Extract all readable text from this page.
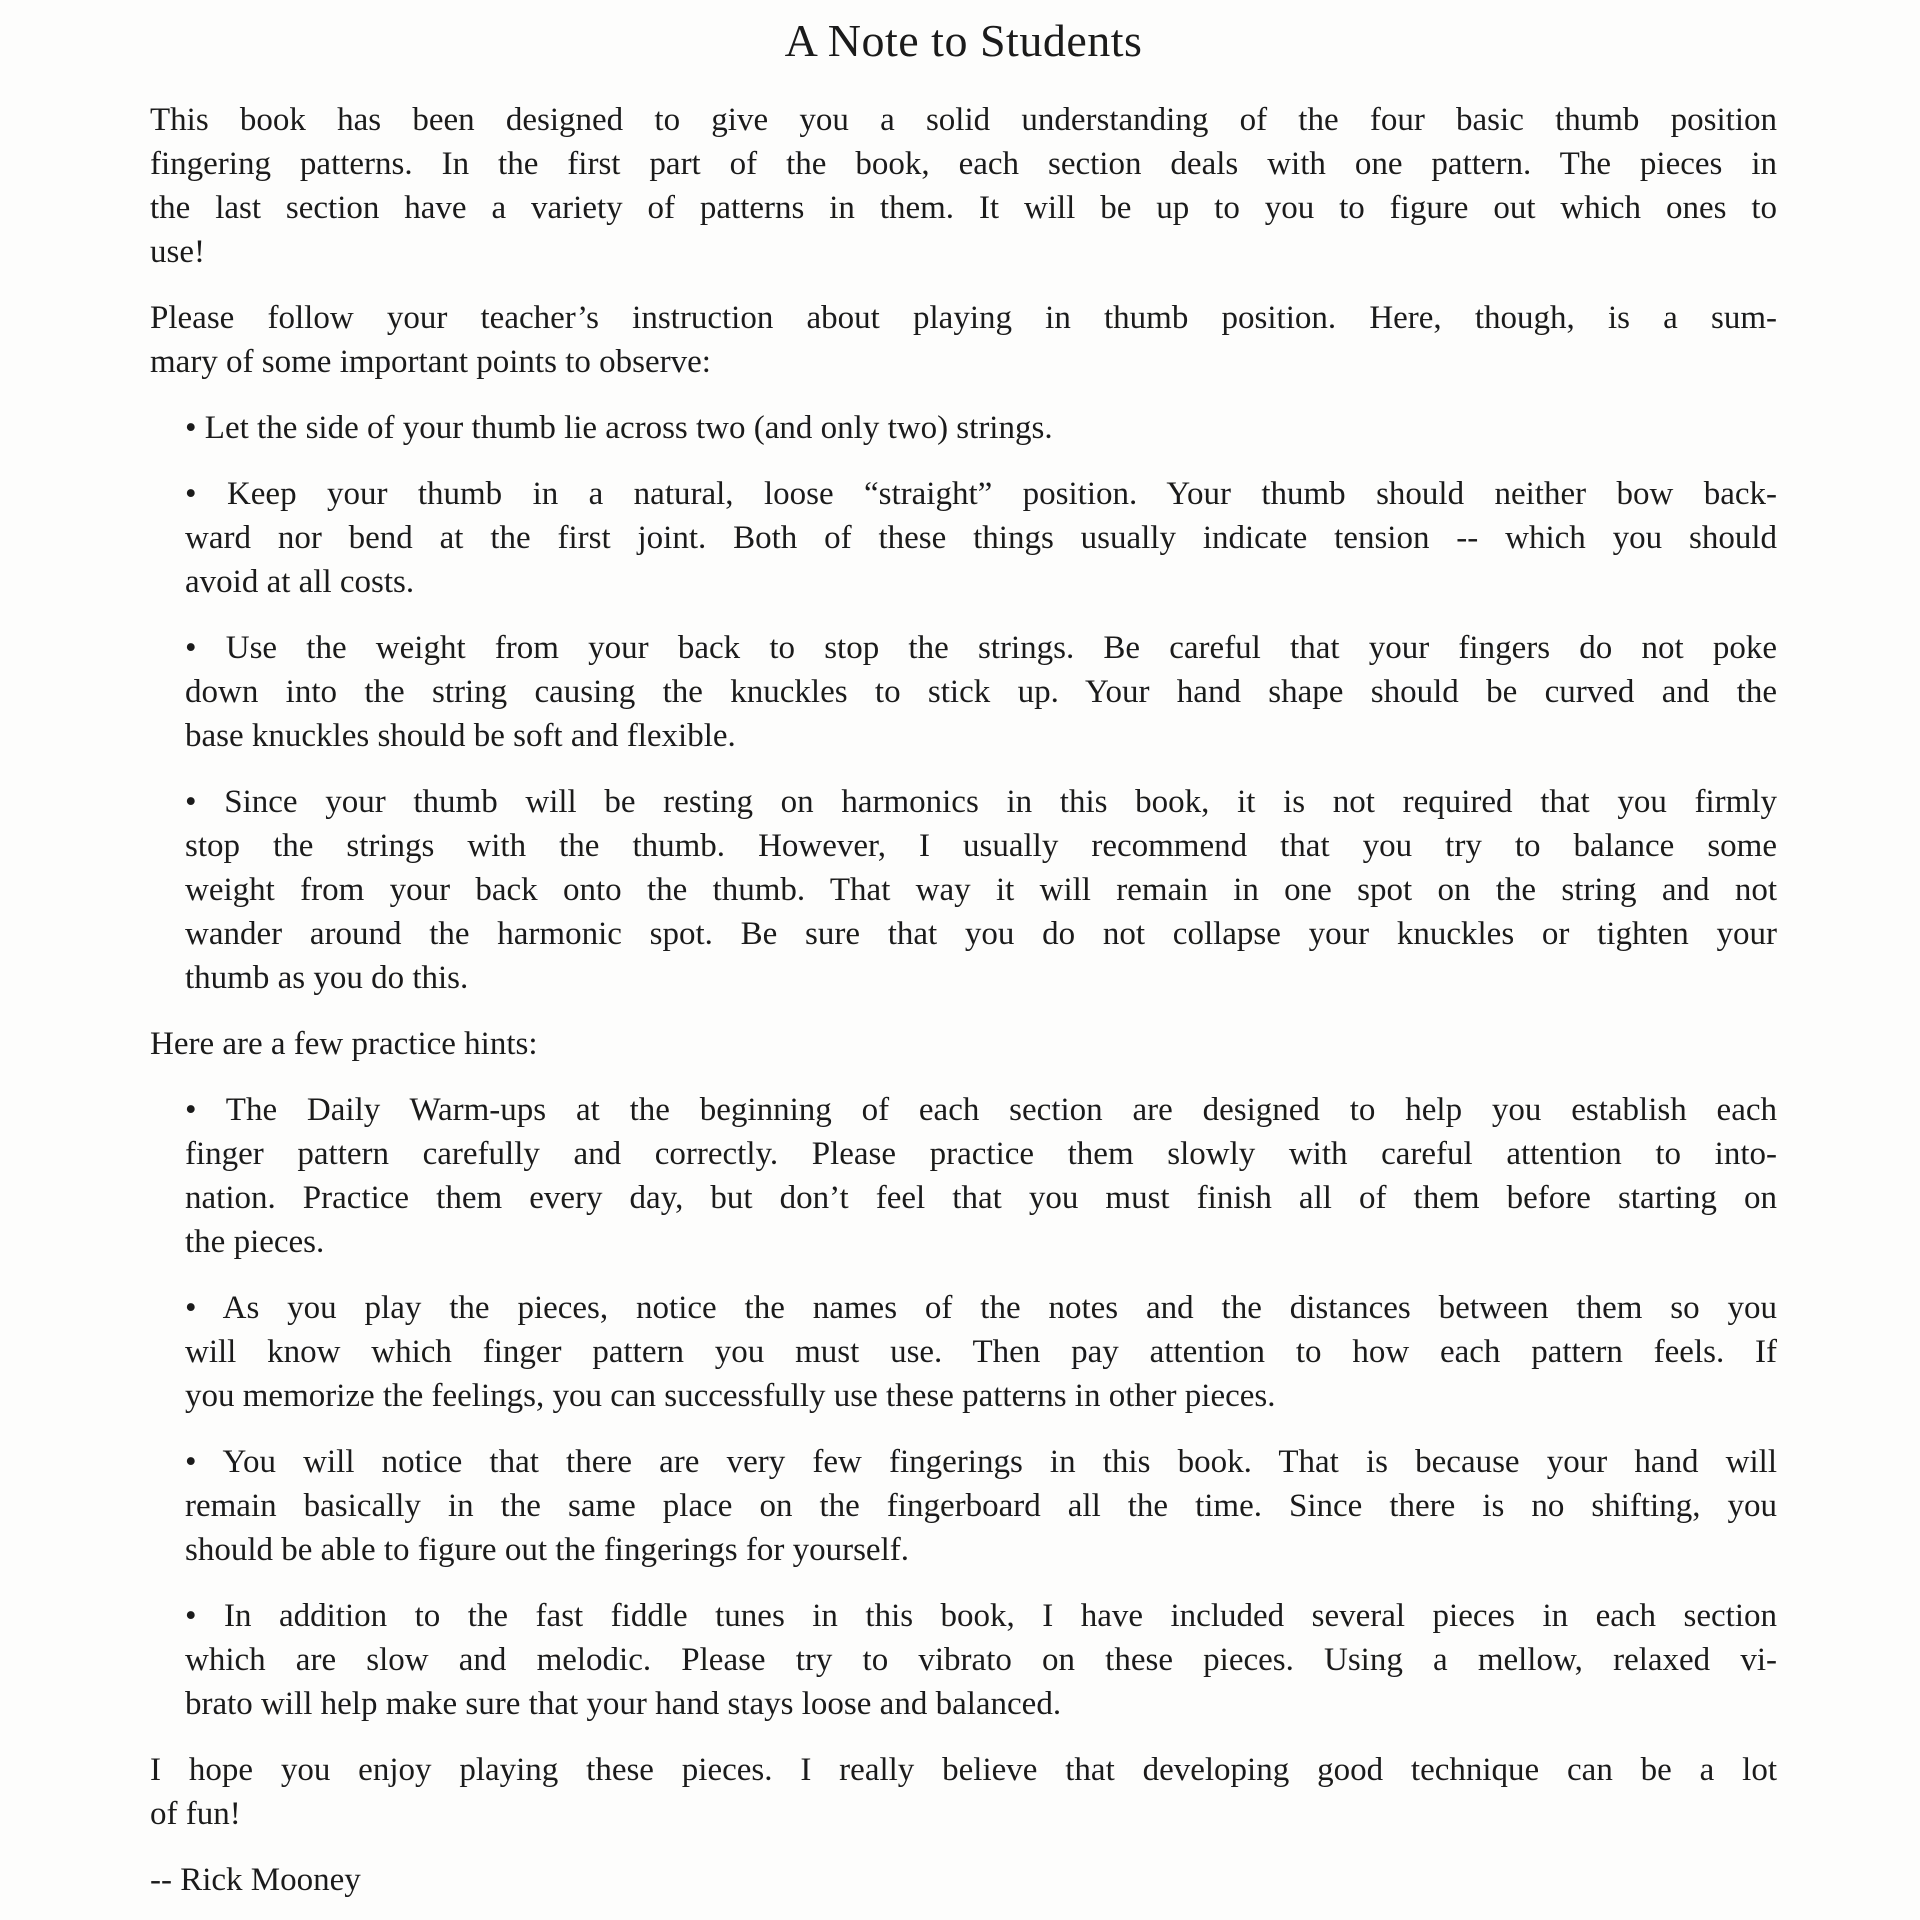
A Note to Students
This book has been designed to give you a solid understanding of the four basic thumb position
fingering patterns. In the first part of the book, each section deals with one pattern. The pieces in
the last section have a variety of patterns in them. It will be up to you to figure out which ones to
use!
Please follow your teacher’s instruction about playing in thumb position. Here, though, is a sum-
mary of some important points to observe:
• Let the side of your thumb lie across two (and only two) strings.
• Keep your thumb in a natural, loose “straight” position. Your thumb should neither bow back-
ward nor bend at the first joint. Both of these things usually indicate tension -- which you should
avoid at all costs.
• Use the weight from your back to stop the strings. Be careful that your fingers do not poke
down into the string causing the knuckles to stick up. Your hand shape should be curved and the
base knuckles should be soft and flexible.
• Since your thumb will be resting on harmonics in this book, it is not required that you firmly
stop the strings with the thumb. However, I usually recommend that you try to balance some
weight from your back onto the thumb. That way it will remain in one spot on the string and not
wander around the harmonic spot. Be sure that you do not collapse your knuckles or tighten your
thumb as you do this.
Here are a few practice hints:
• The Daily Warm-ups at the beginning of each section are designed to help you establish each
finger pattern carefully and correctly. Please practice them slowly with careful attention to into-
nation. Practice them every day, but don’t feel that you must finish all of them before starting on
the pieces.
• As you play the pieces, notice the names of the notes and the distances between them so you
will know which finger pattern you must use. Then pay attention to how each pattern feels. If
you memorize the feelings, you can successfully use these patterns in other pieces.
• You will notice that there are very few fingerings in this book. That is because your hand will
remain basically in the same place on the fingerboard all the time. Since there is no shifting, you
should be able to figure out the fingerings for yourself.
• In addition to the fast fiddle tunes in this book, I have included several pieces in each section
which are slow and melodic. Please try to vibrato on these pieces. Using a mellow, relaxed vi-
brato will help make sure that your hand stays loose and balanced.
I hope you enjoy playing these pieces. I really believe that developing good technique can be a lot
of fun!
-- Rick Mooney
